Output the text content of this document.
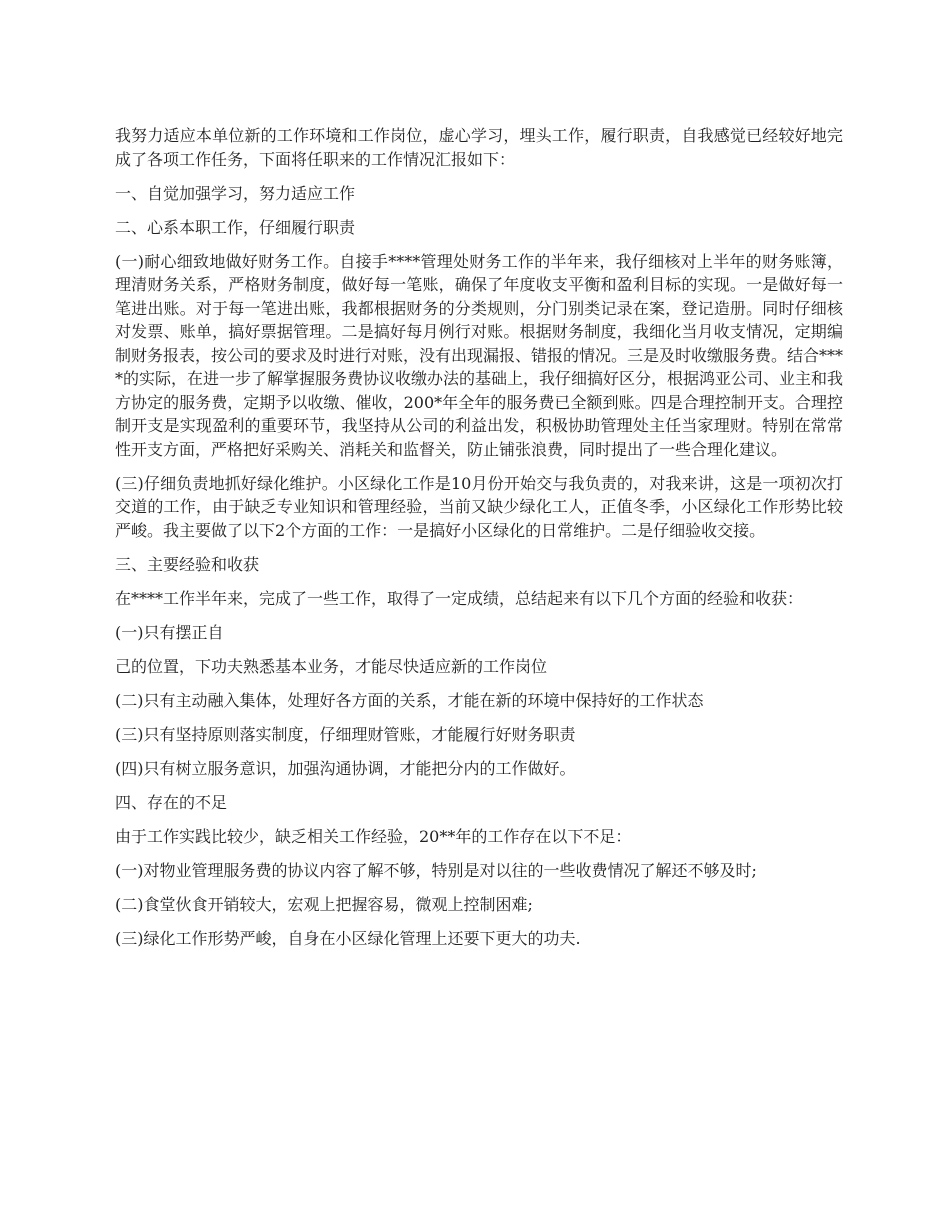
我努力适应本单位新的工作环境和工作岗位，虚心学习，埋头工作，履行职责，自我感觉已经较好地完成了各项工作任务，下面将任职来的工作情况汇报如下：

一、自觉加强学习，努力适应工作

二、心系本职工作，仔细履行职责

(一)耐心细致地做好财务工作。自接手****管理处财务工作的半年来，我仔细核对上半年的财务账簿，理清财务关系，严格财务制度，做好每一笔账，确保了年度收支平衡和盈利目标的实现。一是做好每一笔进出账。对于每一笔进出账，我都根据财务的分类规则，分门别类记录在案，登记造册。同时仔细核对发票、账单，搞好票据管理。二是搞好每月例行对账。根据财务制度，我细化当月收支情况，定期编制财务报表，按公司的要求及时进行对账，没有出现漏报、错报的情况。三是及时收缴服务费。结合****的实际，在进一步了解掌握服务费协议收缴办法的基础上，我仔细搞好区分，根据鸿亚公司、业主和我方协定的服务费，定期予以收缴、催收，200*年全年的服务费已全额到账。四是合理控制开支。合理控制开支是实现盈利的重要环节，我坚持从公司的利益出发，积极协助管理处主任当家理财。特别在常常性开支方面，严格把好采购关、消耗关和监督关，防止铺张浪费，同时提出了一些合理化建议。

(三)仔细负责地抓好绿化维护。小区绿化工作是10月份开始交与我负责的，对我来讲，这是一项初次打交道的工作，由于缺乏专业知识和管理经验，当前又缺少绿化工人，正值冬季，小区绿化工作形势比较严峻。我主要做了以下2个方面的工作：一是搞好小区绿化的日常维护。二是仔细验收交接。

三、主要经验和收获

在****工作半年来，完成了一些工作，取得了一定成绩，总结起来有以下几个方面的经验和收获：

(一)只有摆正自

己的位置，下功夫熟悉基本业务，才能尽快适应新的工作岗位

(二)只有主动融入集体，处理好各方面的关系，才能在新的环境中保持好的工作状态

(三)只有坚持原则落实制度，仔细理财管账，才能履行好财务职责

(四)只有树立服务意识，加强沟通协调，才能把分内的工作做好。

四、存在的不足

由于工作实践比较少，缺乏相关工作经验，20**年的工作存在以下不足：

(一)对物业管理服务费的协议内容了解不够，特别是对以往的一些收费情况了解还不够及时;

(二)食堂伙食开销较大，宏观上把握容易，微观上控制困难;

(三)绿化工作形势严峻，自身在小区绿化管理上还要下更大的功夫.
